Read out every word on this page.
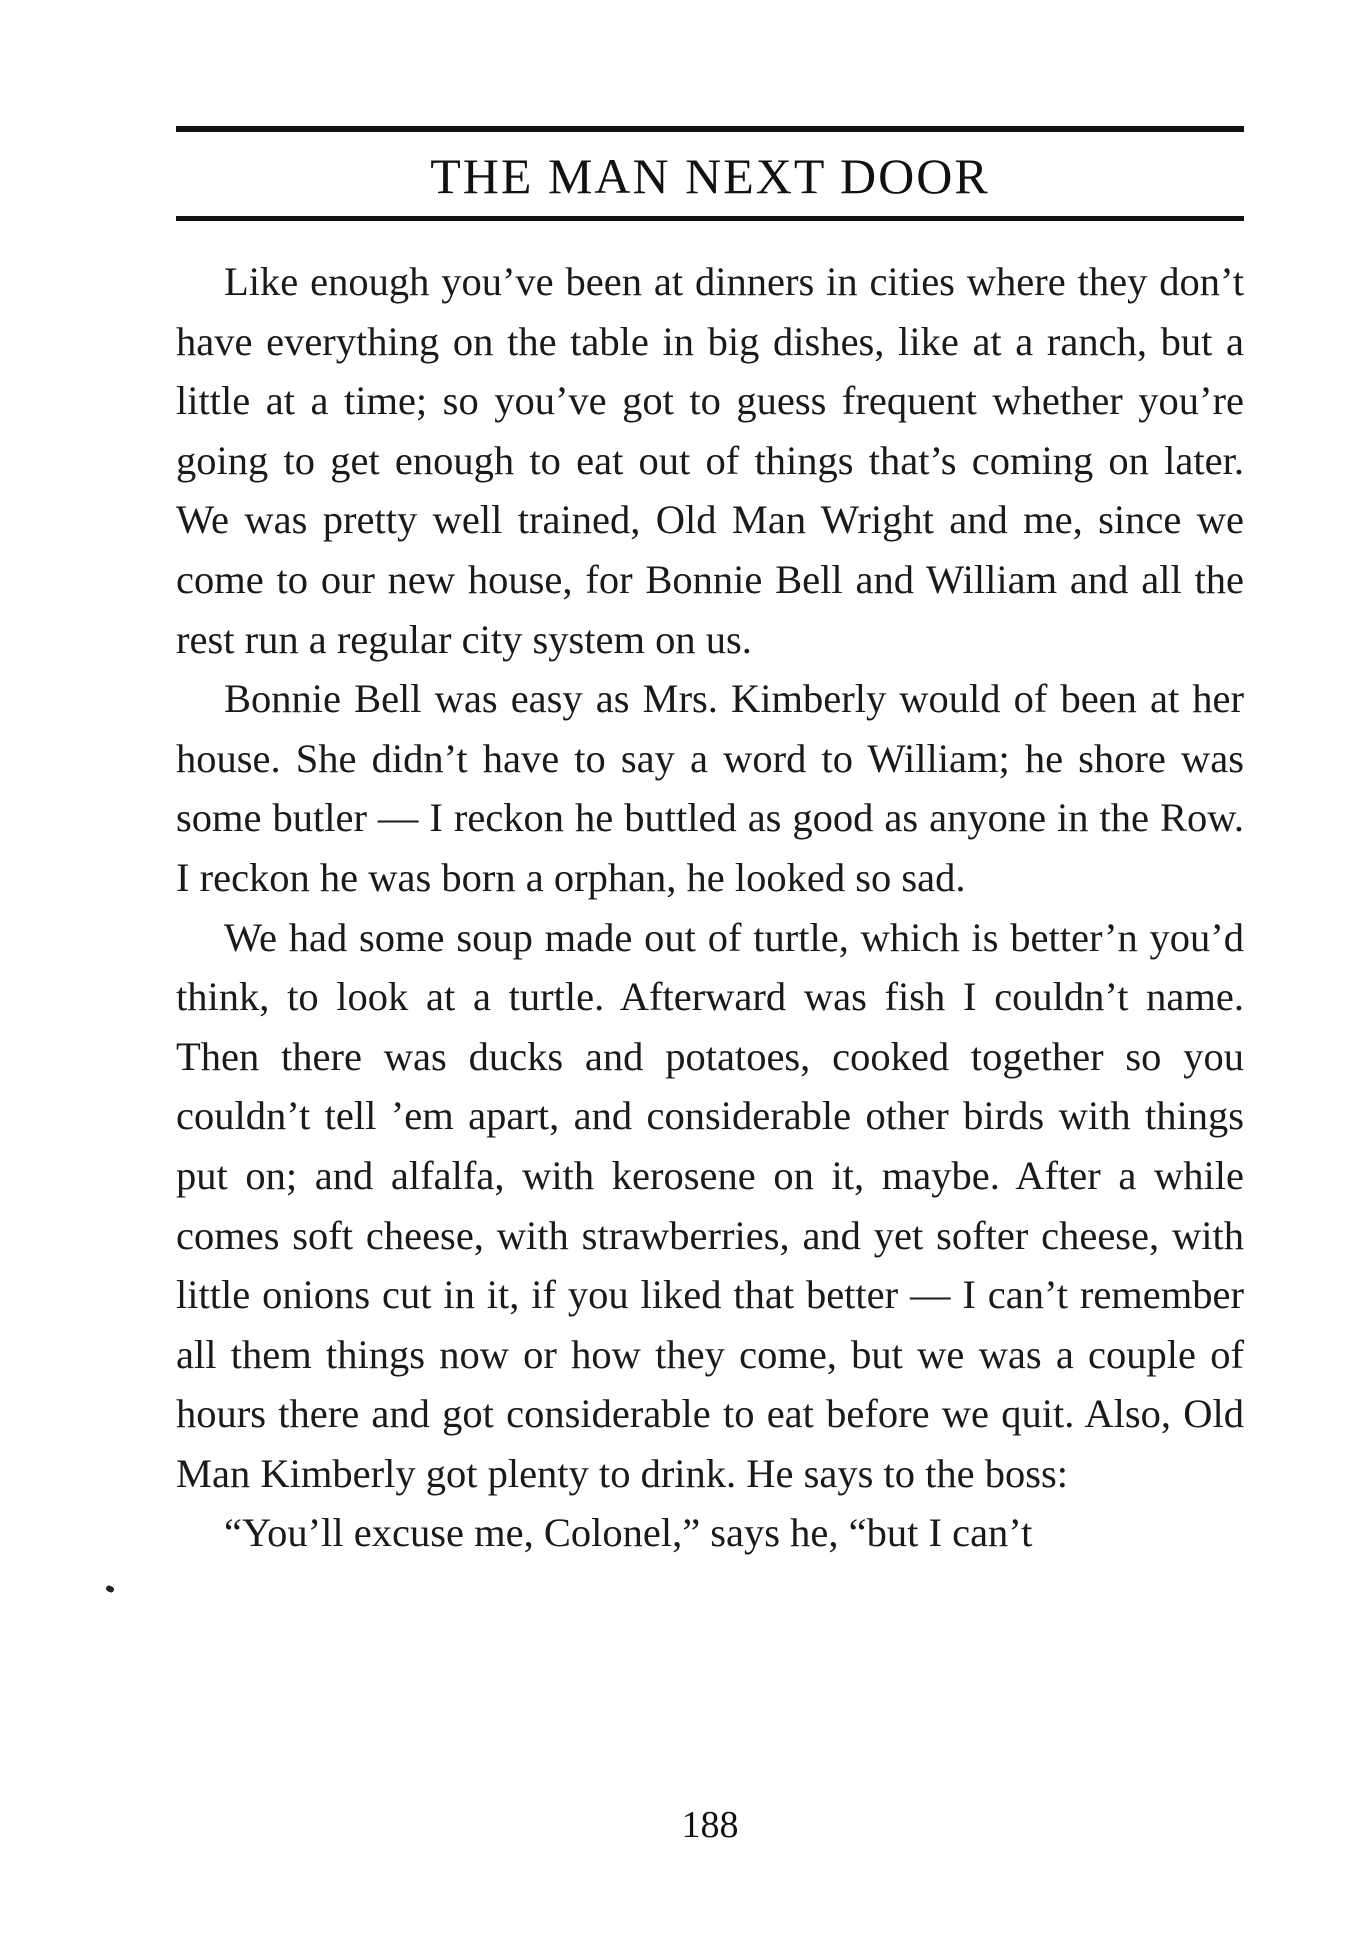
THE MAN NEXT DOOR

Like enough you’ve been at dinners in cities where they don’t have everything on the table in big dishes, like at a ranch, but a little at a time; so you’ve got to guess frequent whether you’re going to get enough to eat out of things that’s coming on later. We was pretty well trained, Old Man Wright and me, since we come to our new house, for Bonnie Bell and William and all the rest run a regular city system on us.

Bonnie Bell was easy as Mrs. Kimberly would of been at her house. She didn’t have to say a word to William; he shore was some butler — I reckon he buttled as good as anyone in the Row. I reckon he was born a orphan, he looked so sad.

We had some soup made out of turtle, which is better’n you’d think, to look at a turtle. Afterward was fish I couldn’t name. Then there was ducks and potatoes, cooked together so you couldn’t tell ’em apart, and considerable other birds with things put on; and alfalfa, with kerosene on it, maybe. After a while comes soft cheese, with strawberries, and yet softer cheese, with little onions cut in it, if you liked that better — I can’t remember all them things now or how they come, but we was a couple of hours there and got considerable to eat before we quit. Also, Old Man Kimberly got plenty to drink. He says to the boss:

“You’ll excuse me, Colonel,” says he, “but I can’t

188
